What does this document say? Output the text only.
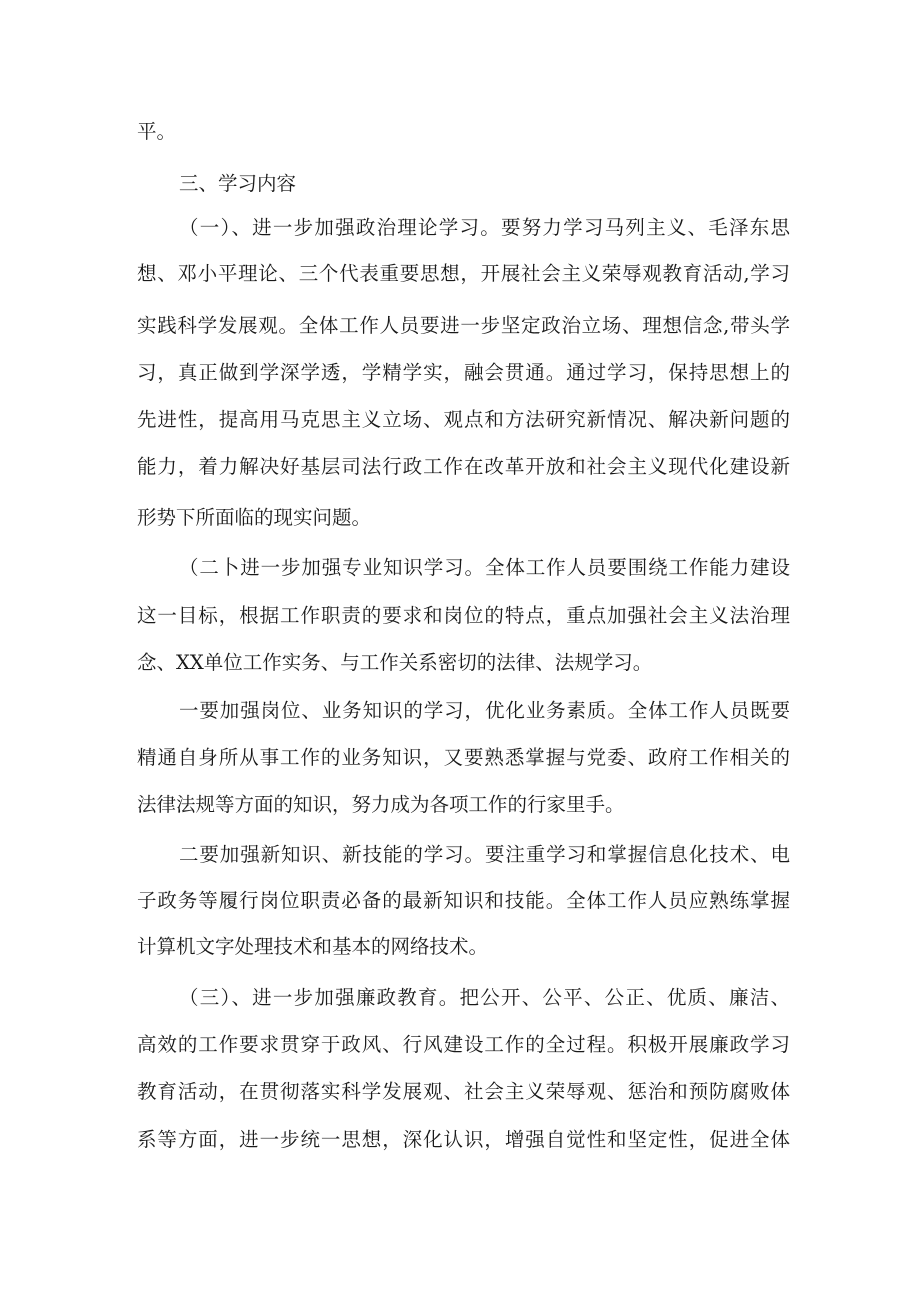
平。
三、学习内容
（一）、进一步加强政治理论学习。要努力学习马列主义、毛泽东思
想、邓小平理论、三个代表重要思想，开展社会主义荣辱观教育活动,学习
实践科学发展观。全体工作人员要进一步坚定政治立场、理想信念,带头学
习，真正做到学深学透，学精学实，融会贯通。通过学习，保持思想上的
先进性，提高用马克思主义立场、观点和方法研究新情况、解决新问题的
能力，着力解决好基层司法行政工作在改革开放和社会主义现代化建设新
形势下所面临的现实问题。
（二卜进一步加强专业知识学习。全体工作人员要围绕工作能力建设
这一目标，根据工作职责的要求和岗位的特点，重点加强社会主义法治理
念、XX单位工作实务、与工作关系密切的法律、法规学习。
一要加强岗位、业务知识的学习，优化业务素质。全体工作人员既要
精通自身所从事工作的业务知识，又要熟悉掌握与党委、政府工作相关的
法律法规等方面的知识，努力成为各项工作的行家里手。
二要加强新知识、新技能的学习。要注重学习和掌握信息化技术、电
子政务等履行岗位职责必备的最新知识和技能。全体工作人员应熟练掌握
计算机文字处理技术和基本的网络技术。
（三）、进一步加强廉政教育。把公开、公平、公正、优质、廉洁、
高效的工作要求贯穿于政风、行风建设工作的全过程。积极开展廉政学习
教育活动，在贯彻落实科学发展观、社会主义荣辱观、惩治和预防腐败体
系等方面，进一步统一思想，深化认识，增强自觉性和坚定性，促进全体
